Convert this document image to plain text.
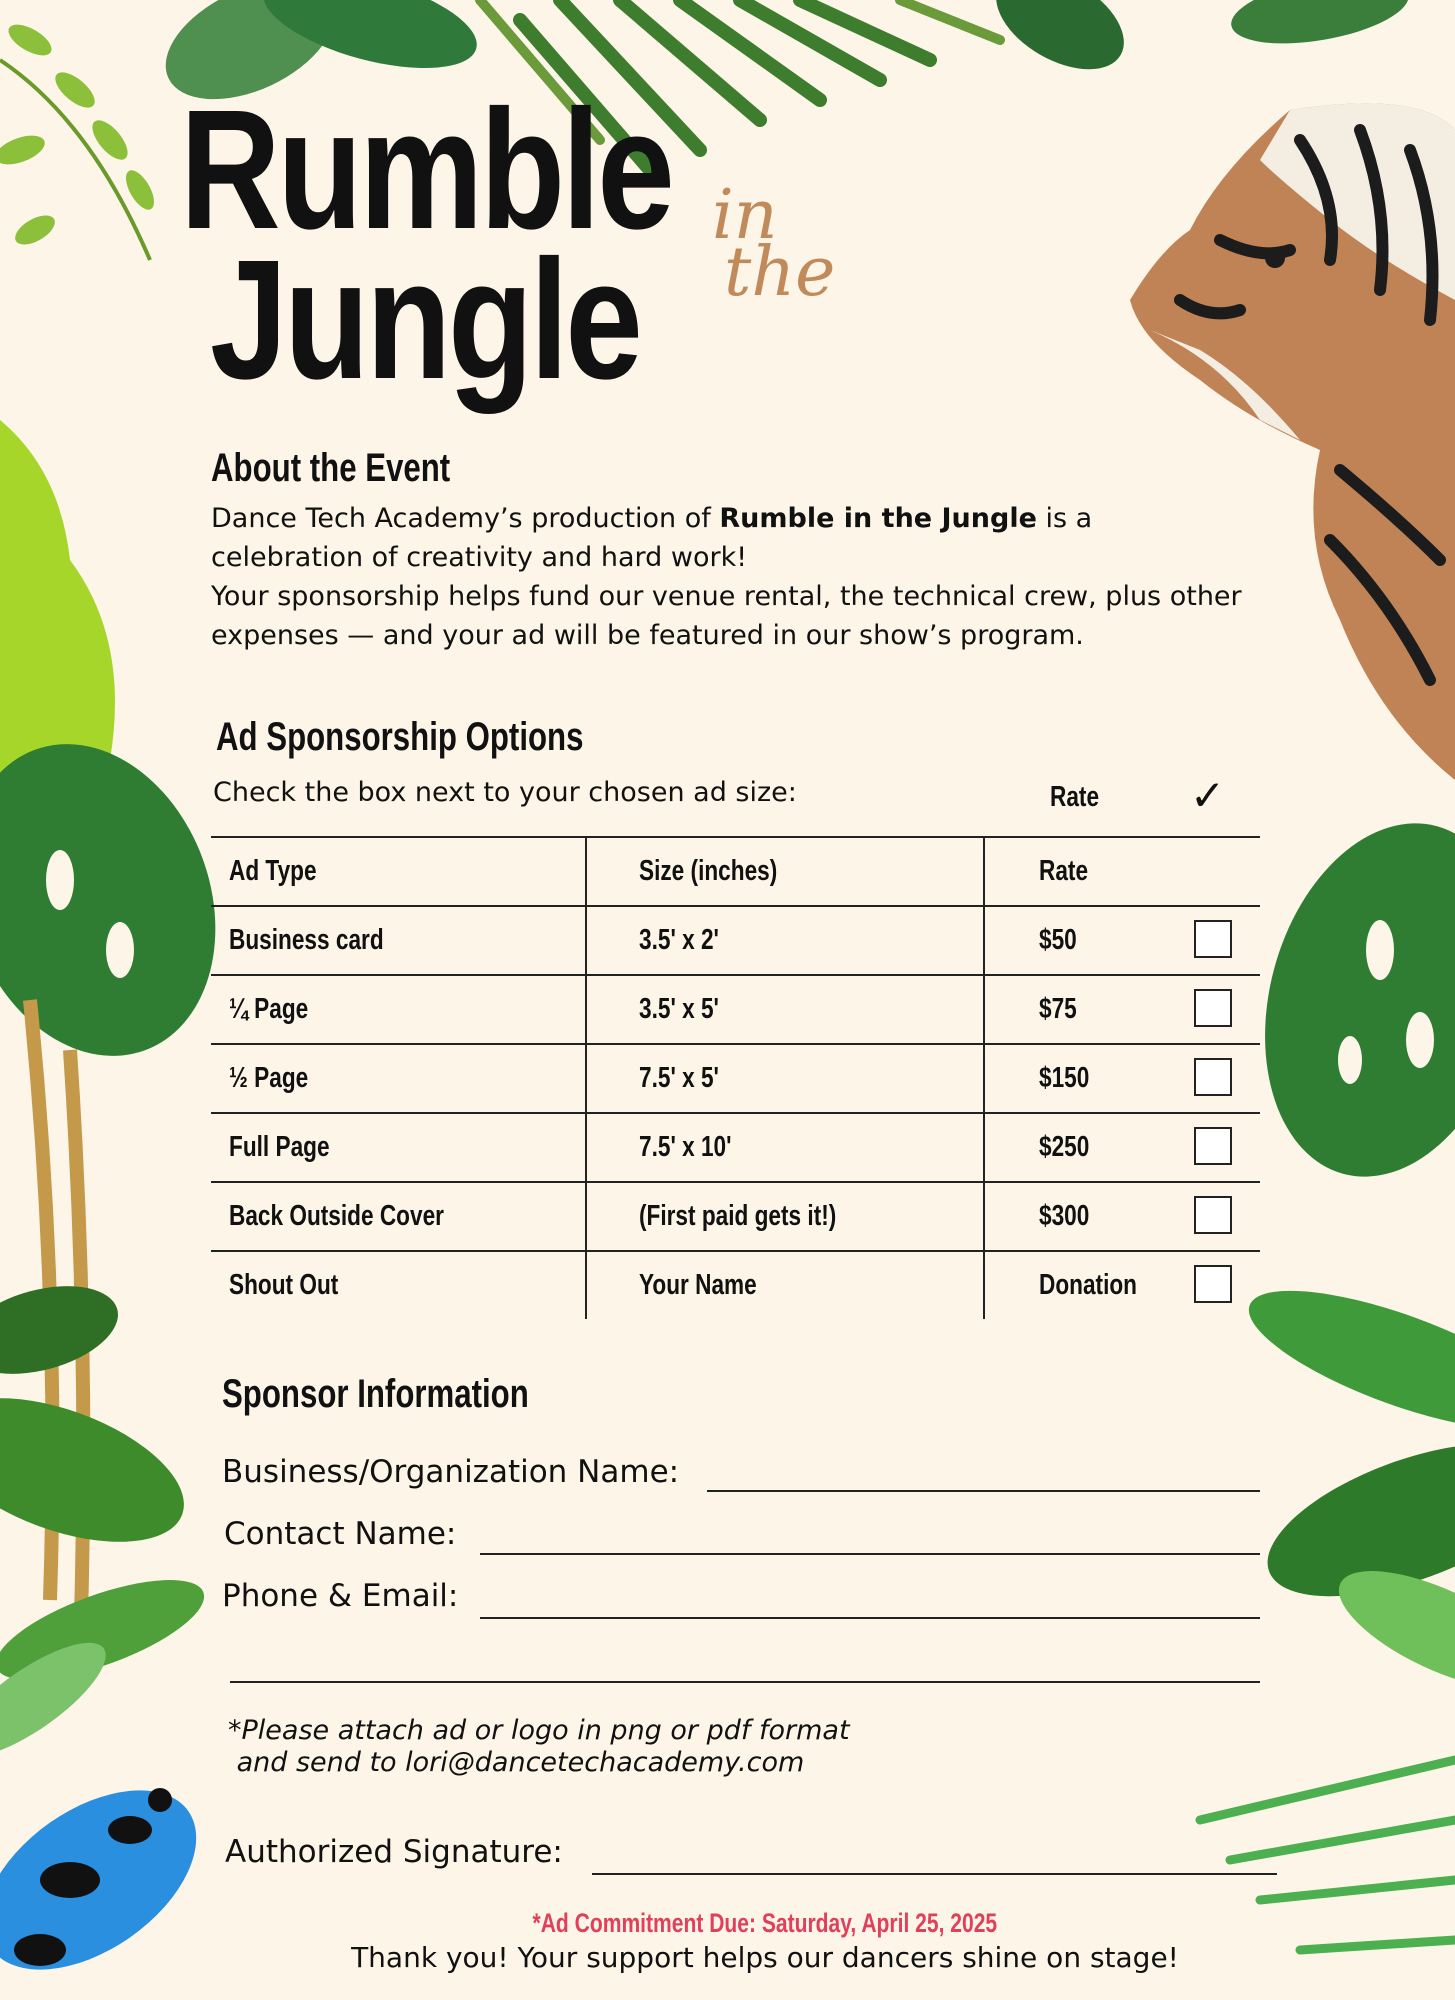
Rumble
Jungle
in
the
About the Event
Dance Tech Academy’s production of Rumble in the Jungle is a celebration of creativity and hard work!
Your sponsorship helps fund our venue rental, the technical crew, plus other expenses — and your ad will be featured in our show’s program.
Ad Sponsorship Options
Check the box next to your chosen ad size:	Rate	✓
Ad Type	Size (inches)	Rate
Business card	3.5' x 2'	$50

¼ Page	3.5' x 5'	$75

½ Page	7.5' x 5'	$150

Full Page	7.5' x 10'	$250

Back Outside Cover	(First paid gets it!)	$300

Shout Out	Your Name	Donation
Sponsor Information
Business/Organization Name:
Contact Name:
Phone & Email:
*Please attach ad or logo in png or pdf format
and send to lori@dancetechacademy.com
Authorized Signature:
*Ad Commitment Due: Saturday, April 25, 2025
Thank you! Your support helps our dancers shine on stage!
